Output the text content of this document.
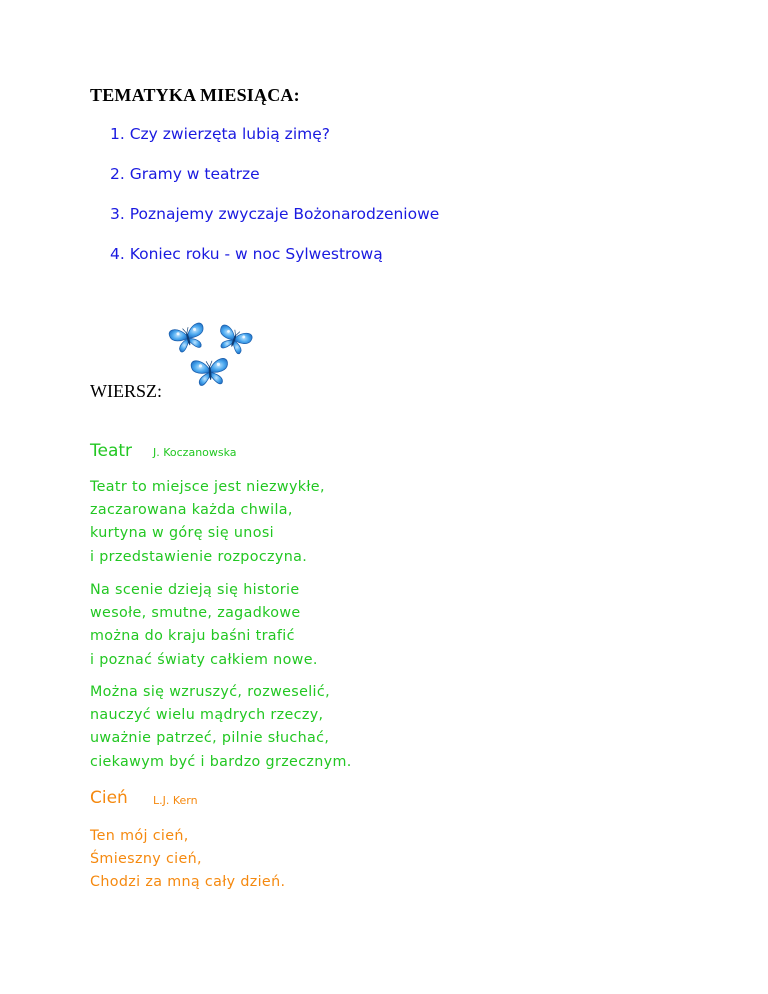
TEMATYKA MIESIĄCA:
1. Czy zwierzęta lubią zimę?
2. Gramy w teatrze
3. Poznajemy zwyczaje Bożonarodzeniowe
4. Koniec roku - w noc Sylwestrową
WIERSZ:
Teatr J. Koczanowska
Teatr to miejsce jest niezwykłe,
zaczarowana każda chwila,
kurtyna w górę się unosi
i przedstawienie rozpoczyna.
Na scenie dzieją się historie
wesołe, smutne, zagadkowe
można do kraju baśni trafić
i poznać światy całkiem nowe.
Można się wzruszyć, rozweselić,
nauczyć wielu mądrych rzeczy,
uważnie patrzeć, pilnie słuchać,
ciekawym być i bardzo grzecznym.
Cień L.J. Kern
Ten mój cień,
Śmieszny cień,
Chodzi za mną cały dzień.
